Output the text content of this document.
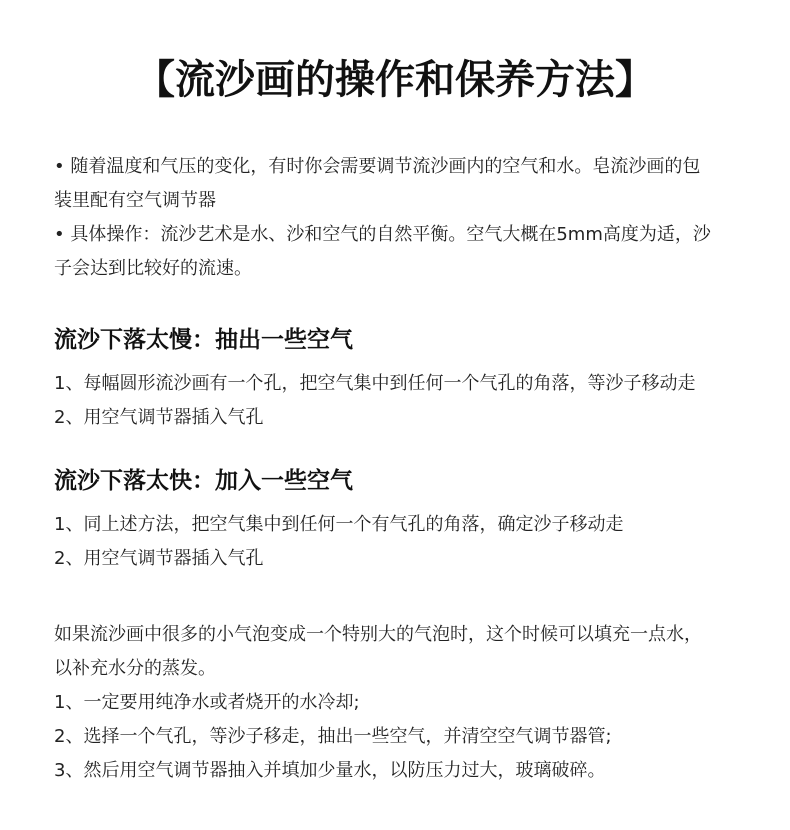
【流沙画的操作和保养方法】
• 随着温度和气压的变化，有时你会需要调节流沙画内的空气和水。皂流沙画的包
装里配有空气调节器
• 具体操作：流沙艺术是水、沙和空气的自然平衡。空气大概在5mm高度为适，沙
子会达到比较好的流速。
流沙下落太慢：抽出一些空气
1、每幅圆形流沙画有一个孔，把空气集中到任何一个气孔的角落，等沙子移动走
2、用空气调节器插入气孔
流沙下落太快：加入一些空气
1、同上述方法，把空气集中到任何一个有气孔的角落，确定沙子移动走
2、用空气调节器插入气孔
如果流沙画中很多的小气泡变成一个特别大的气泡时，这个时候可以填充一点水，
以补充水分的蒸发。
1、一定要用纯净水或者烧开的水冷却;
2、选择一个气孔，等沙子移走，抽出一些空气，并清空空气调节器管;
3、然后用空气调节器抽入并填加少量水，以防压力过大，玻璃破碎。
